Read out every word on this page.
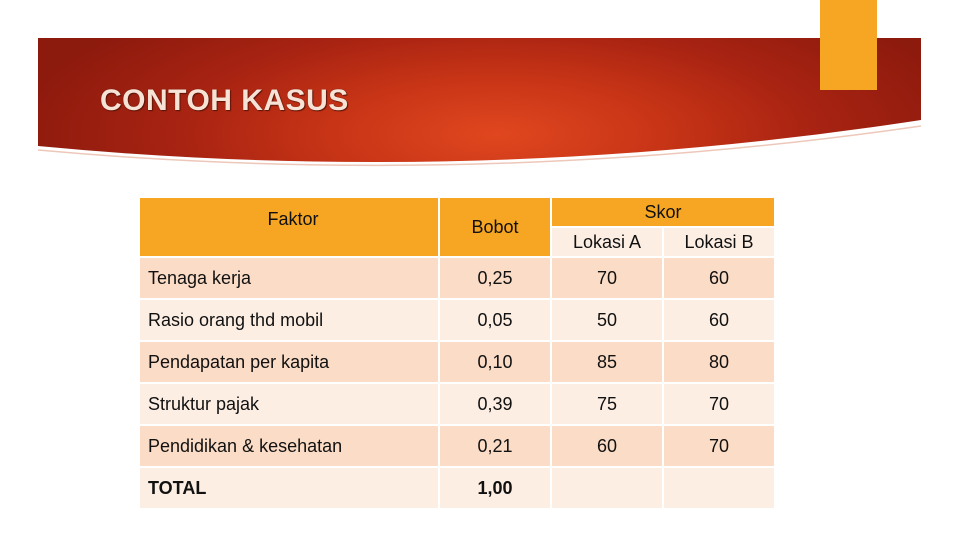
CONTOH KASUS
Faktor	Bobot	Skor	
		Lokasi A	Lokasi B
Tenaga kerja	0,25	70	60
Rasio orang thd mobil	0,05	50	60
Pendapatan per kapita	0,10	85	80
Struktur pajak	0,39	75	70
Pendidikan & kesehatan	0,21	60	70
TOTAL	1,00		
